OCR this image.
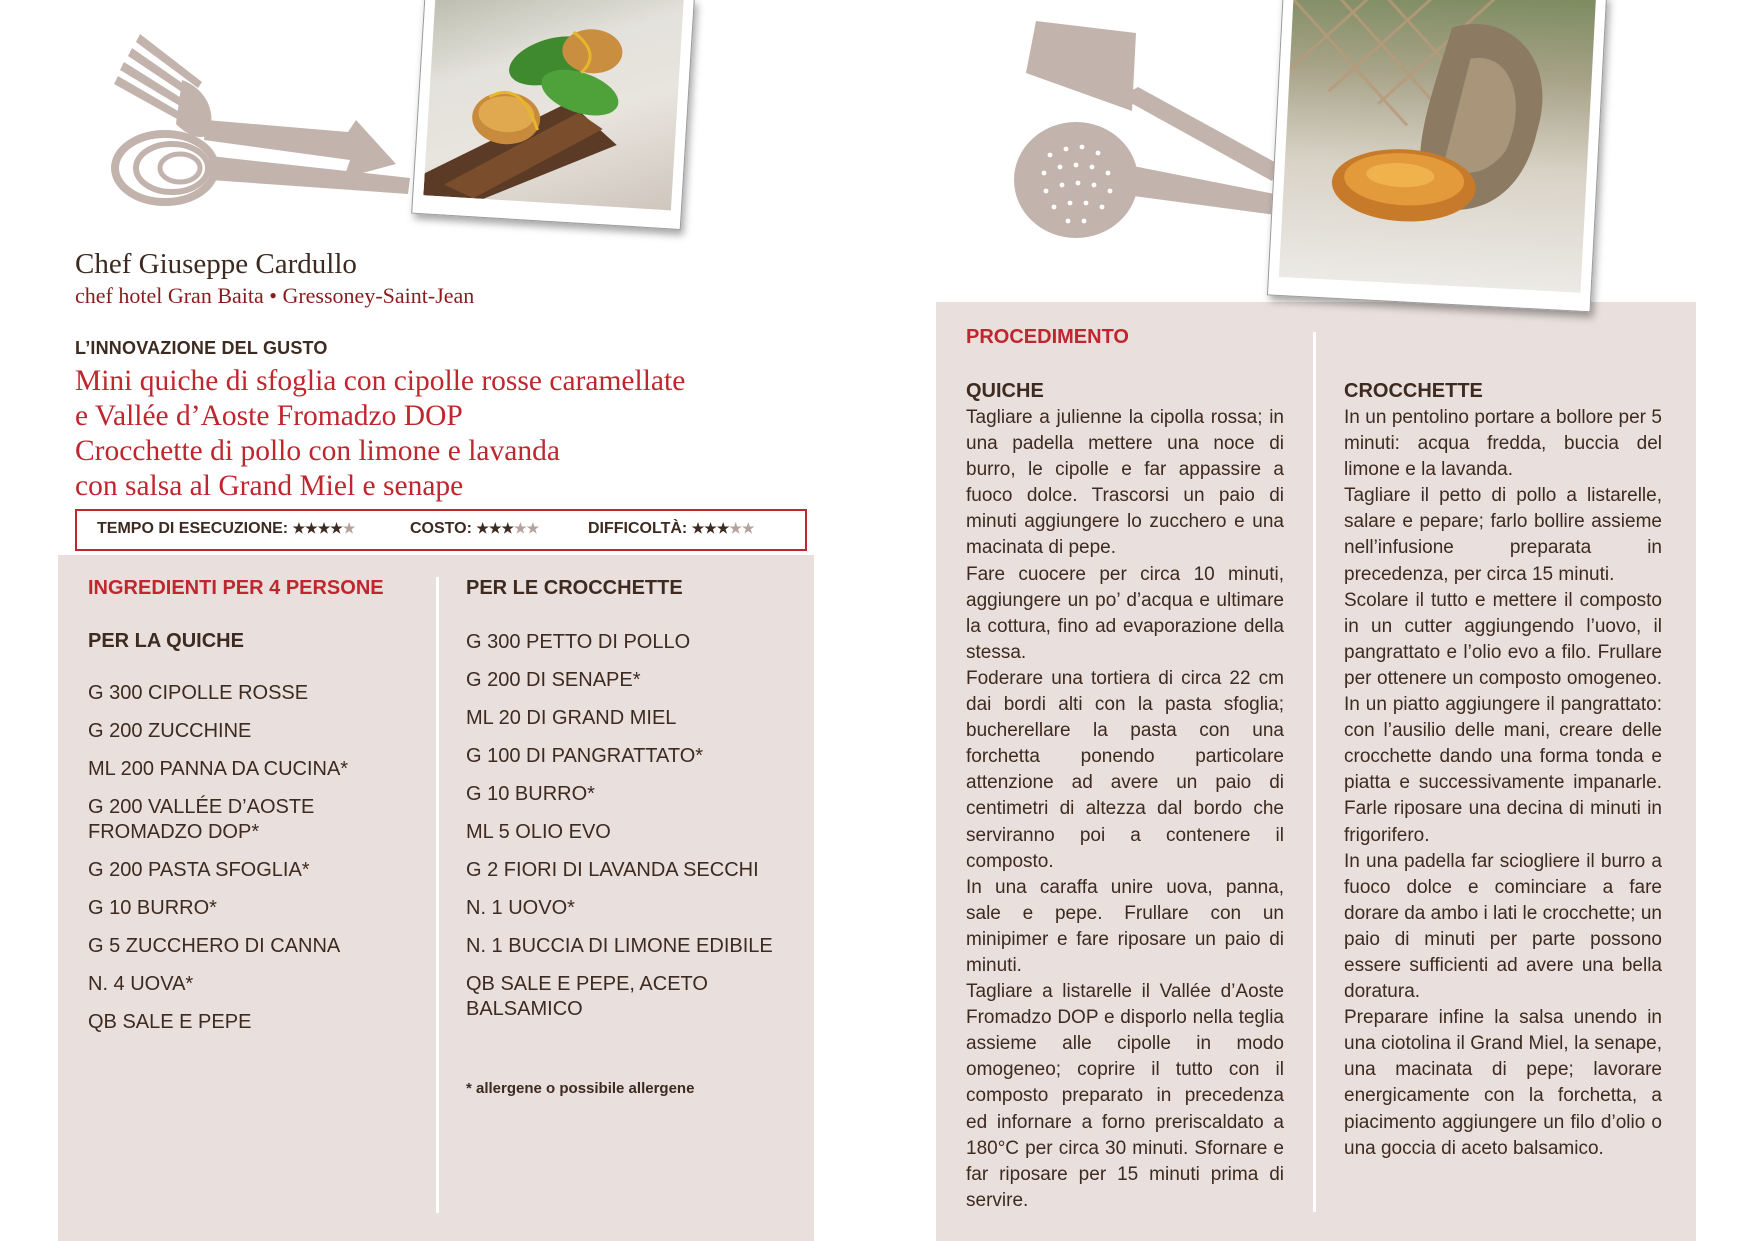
Chef Giuseppe Cardullo
chef hotel Gran Baita • Gressoney-Saint-Jean
L’INNOVAZIONE DEL GUSTO
Mini quiche di sfoglia con cipolle rosse caramellate
e Vallée d’Aoste Fromadzo DOP
Crocchette di pollo con limone e lavanda
con salsa al Grand Miel e senape
TEMPO DI ESECUZIONE: ★★★★★	COSTO: ★★★★★	DIFFICOLTÀ: ★★★★★
INGREDIENTI PER 4 PERSONE
PER LA QUICHE
G 300 CIPOLLE ROSSE
G 200 ZUCCHINE
ML 200 PANNA DA CUCINA*
G 200 VALLÉE D’AOSTE FROMADZO DOP*
G 200 PASTA SFOGLIA*
G 10 BURRO*
G 5 ZUCCHERO DI CANNA
N. 4 UOVA*
QB SALE E PEPE
PER LE CROCCHETTE
G 300 PETTO DI POLLO
G 200 DI SENAPE*
ML 20 DI GRAND MIEL
G 100 DI PANGRATTATO*
G 10 BURRO*
ML 5 OLIO EVO
G 2 FIORI DI LAVANDA SECCHI
N. 1 UOVO*
N. 1 BUCCIA DI LIMONE EDIBILE
QB SALE E PEPE, ACETO BALSAMICO
* allergene o possibile allergene
PROCEDIMENTO
QUICHE

Tagliare a julienne la cipolla rossa; in una padella mettere una noce di burro, le cipolle e far appassire a fuoco dolce. Trascorsi un paio di minuti aggiungere lo zucchero e una macinata di pepe.

Fare cuocere per circa 10 minuti, aggiungere un po’ d’acqua e ultimare la cottura, fino ad evaporazione della stessa.

Foderare una tortiera di circa 22 cm dai bordi alti con la pasta sfoglia; bucherellare la pasta con una forchetta ponendo particolare attenzione ad avere un paio di centimetri di altezza dal bordo che serviranno poi a contenere il composto.

In una caraffa unire uova, panna, sale e pepe. Frullare con un minipimer e fare riposare un paio di minuti.

Tagliare a listarelle il Vallée d’Aoste Fromadzo DOP e disporlo nella teglia assieme alle cipolle in modo omogeneo; coprire il tutto con il composto preparato in precedenza ed infornare a forno preriscaldato a 180°C per circa 30 minuti. Sfornare e far riposare per 15 minuti prima di servire.

CROCCHETTE

In un pentolino portare a bollore per 5 minuti: acqua fredda, buccia del limone e la lavanda.

Tagliare il petto di pollo a listarelle, salare e pepare; farlo bollire assieme nell’infusione preparata in precedenza, per circa 15 minuti.

Scolare il tutto e mettere il composto in un cutter aggiungendo l’uovo, il pangrattato e l’olio evo a filo. Frullare per ottenere un composto omogeneo. In un piatto aggiungere il pangrattato: con l’ausilio delle mani, creare delle crocchette dando una forma tonda e piatta e successivamente impanarle. Farle riposare una decina di minuti in frigorifero.

In una padella far sciogliere il burro a fuoco dolce e cominciare a fare dorare da ambo i lati le crocchette; un paio di minuti per parte possono essere sufficienti ad avere una bella doratura.

Preparare infine la salsa unendo in una ciotolina il Grand Miel, la senape, una macinata di pepe; lavorare energicamente con la forchetta, a piacimento aggiungere un filo d’olio o una goccia di aceto balsamico.
